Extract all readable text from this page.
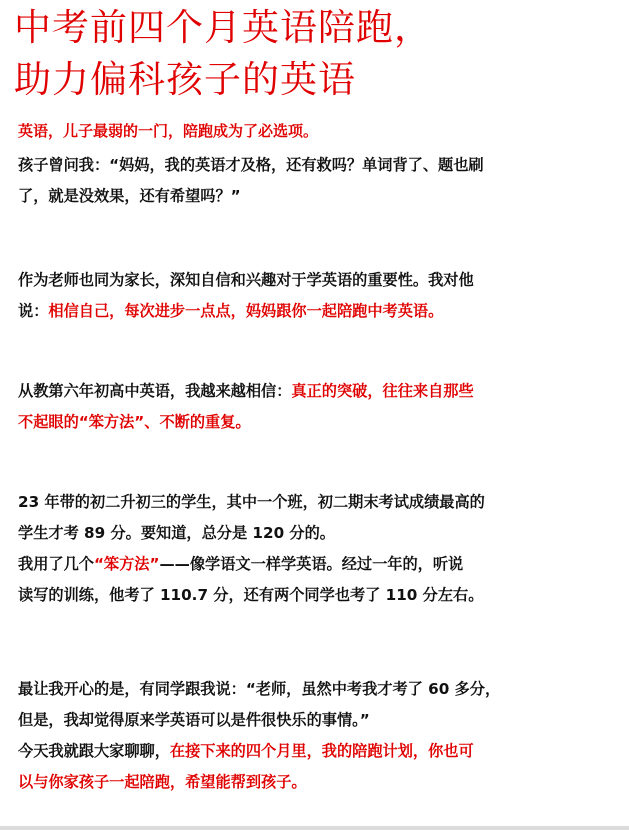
中考前四个月英语陪跑，
助力偏科孩子的英语

英语，儿子最弱的一门，陪跑成为了必选项。

孩子曾问我：“妈妈，我的英语才及格，还有救吗？单词背了、题也刷
了，就是没效果，还有希望吗？”

作为老师也同为家长，深知自信和兴趣对于学英语的重要性。我对他
说：相信自己，每次进步一点点，妈妈跟你一起陪跑中考英语。

从教第六年初高中英语，我越来越相信：真正的突破，往往来自那些
不起眼的“笨方法”、不断的重复。

23 年带的初二升初三的学生，其中一个班，初二期末考试成绩最高的
学生才考 89 分。要知道，总分是 120 分的。
我用了几个“笨方法”——像学语文一样学英语。经过一年的，听说
读写的训练，他考了 110.7 分，还有两个同学也考了 110 分左右。

最让我开心的是，有同学跟我说：“老师，虽然中考我才考了 60 多分，
但是，我却觉得原来学英语可以是件很快乐的事情。”
今天我就跟大家聊聊，在接下来的四个月里，我的陪跑计划，你也可
以与你家孩子一起陪跑，希望能帮到孩子。
